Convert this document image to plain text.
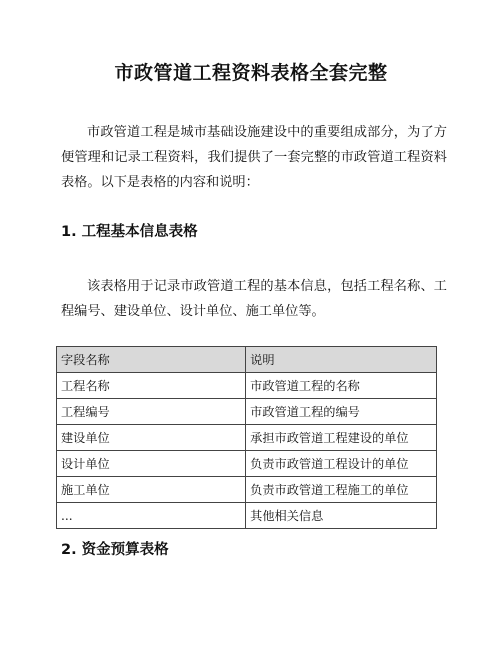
市政管道工程资料表格全套完整

市政管道工程是城市基础设施建设中的重要组成部分，为了方便管理和记录工程资料，我们提供了一套完整的市政管道工程资料表格。以下是表格的内容和说明：

1. 工程基本信息表格

该表格用于记录市政管道工程的基本信息，包括工程名称、工程编号、建设单位、设计单位、施工单位等。

字段名称	说明
工程名称	市政管道工程的名称
工程编号	市政管道工程的编号
建设单位	承担市政管道工程建设的单位
设计单位	负责市政管道工程设计的单位
施工单位	负责市政管道工程施工的单位
...	其他相关信息
2. 资金预算表格
